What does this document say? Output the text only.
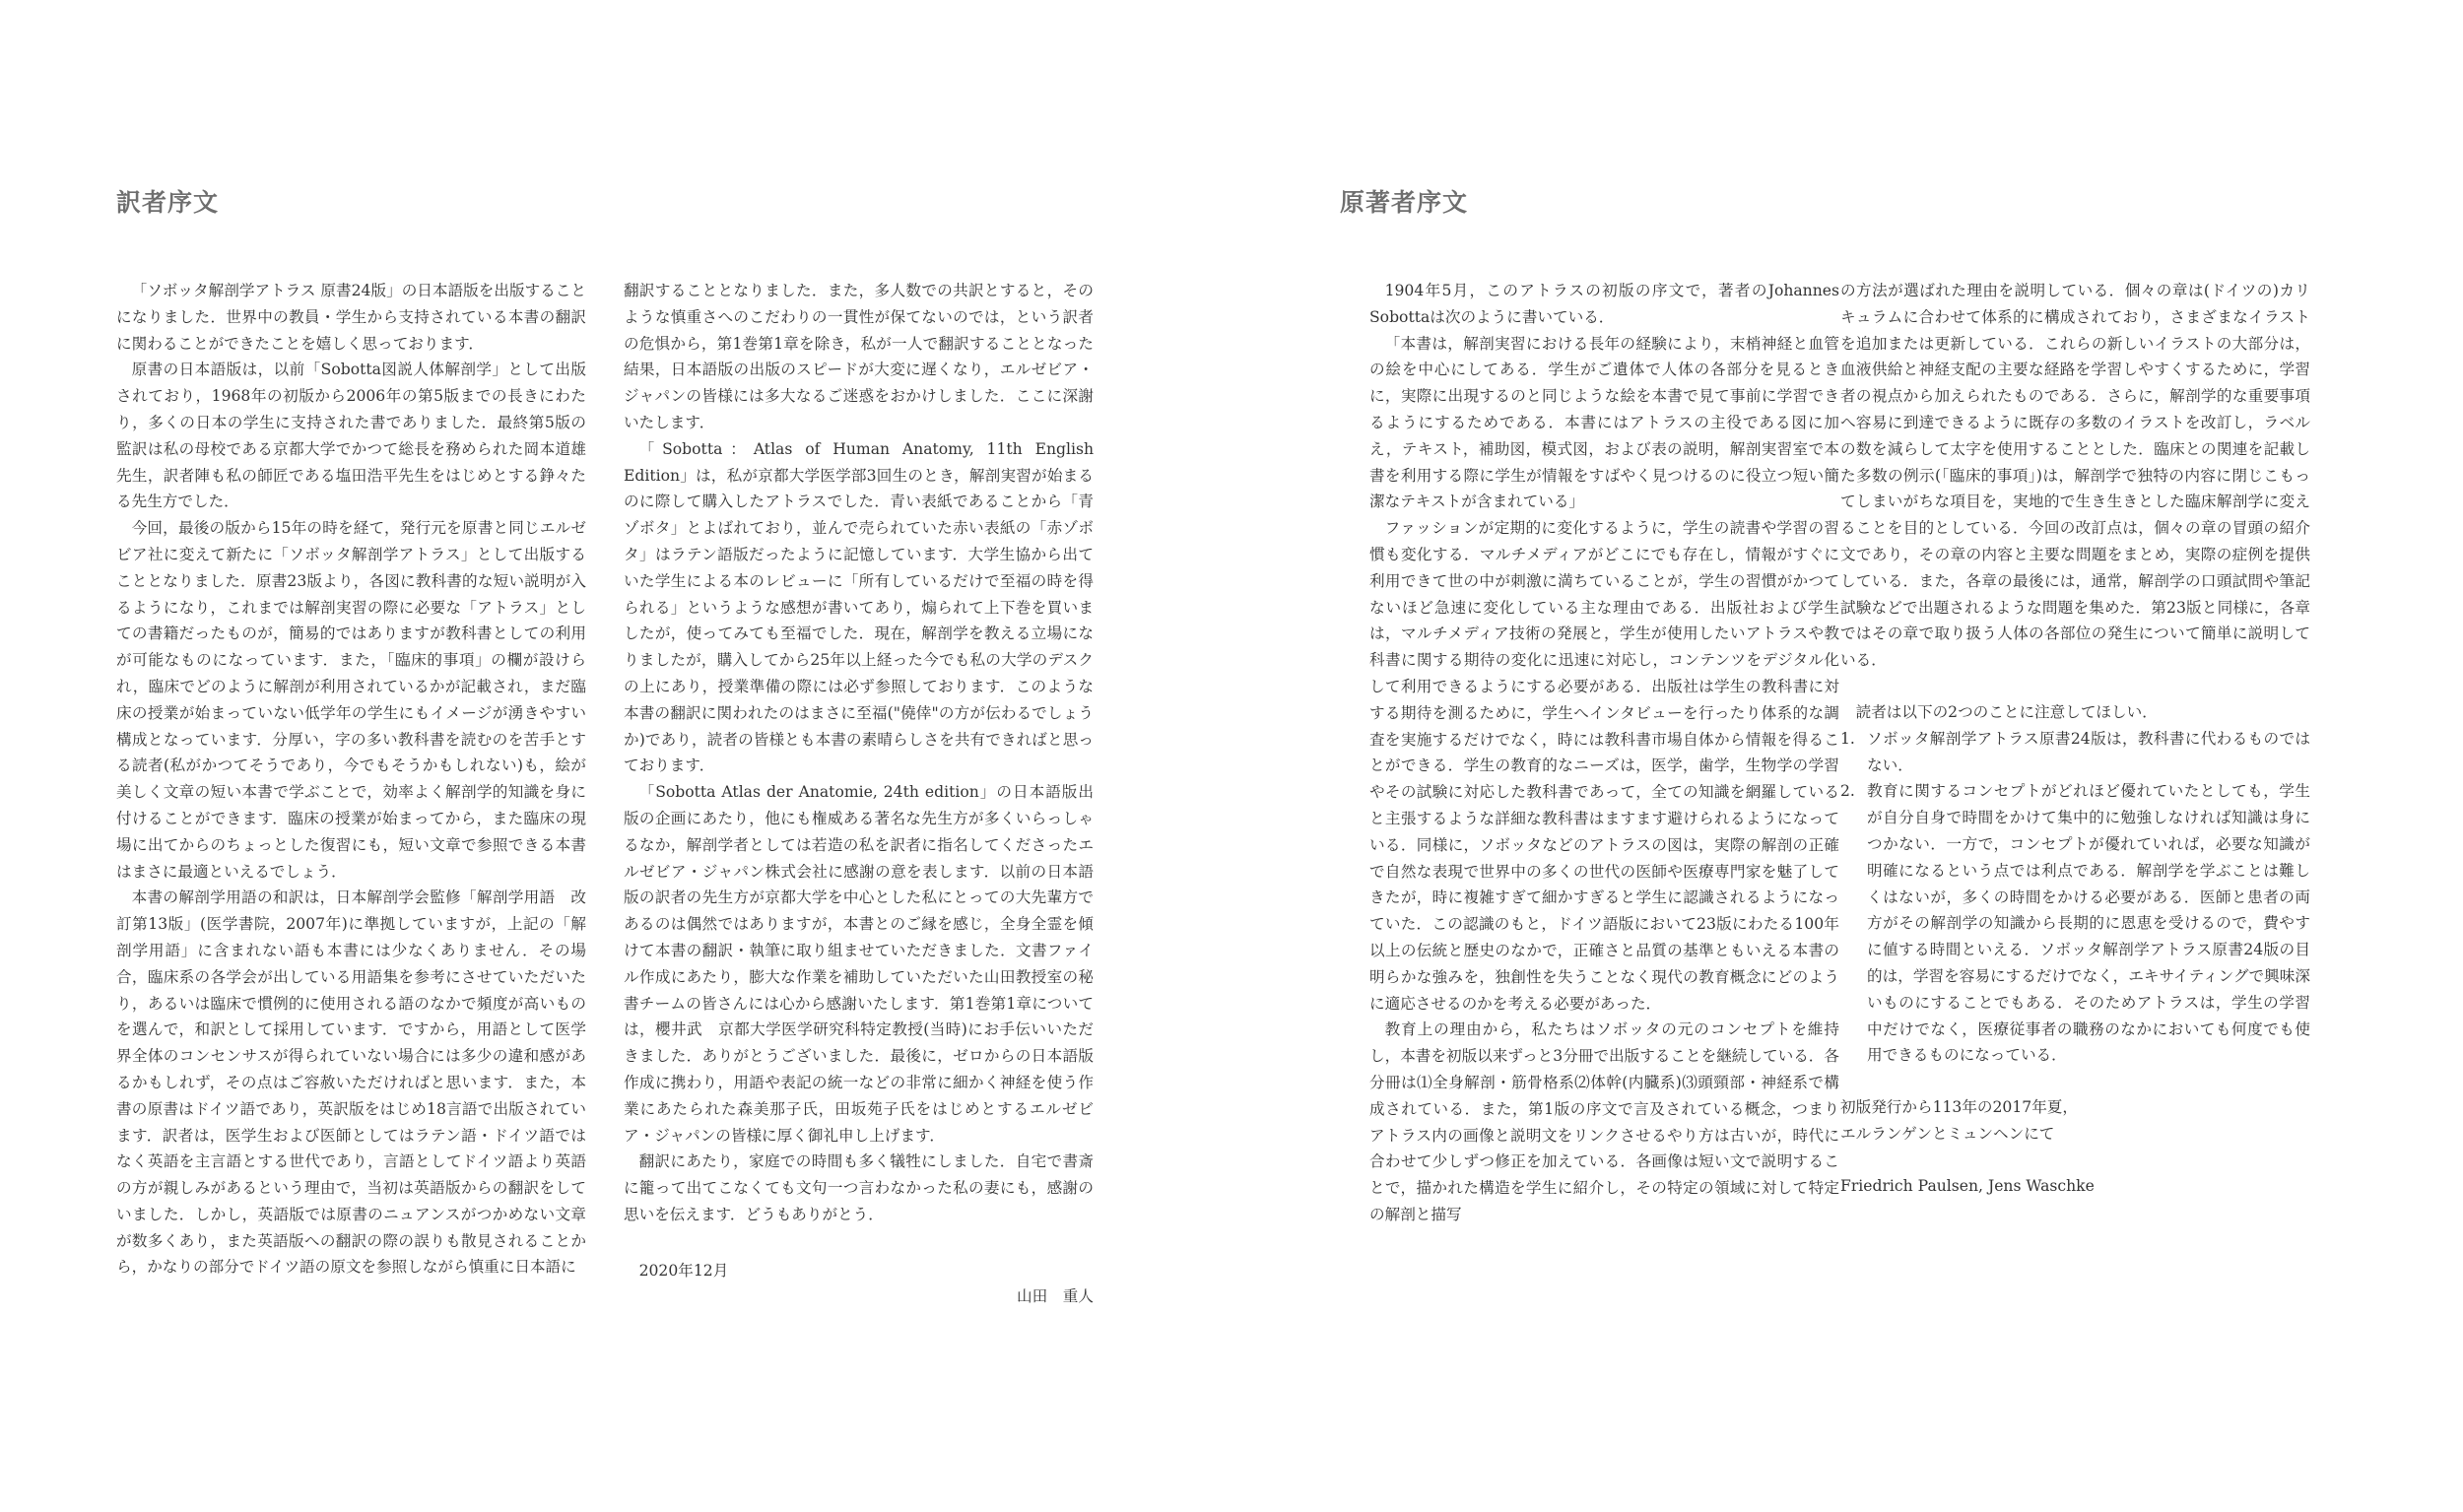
訳者序文

「ソボッタ解剖学アトラス 原書24版」の日本語版を出版することになりました．世界中の教員・学生から支持されている本書の翻訳に関わることができたことを嬉しく思っております．

原書の日本語版は，以前「Sobotta図説人体解剖学」として出版されており，1968年の初版から2006年の第5版までの長きにわたり，多くの日本の学生に支持された書でありました．最終第5版の監訳は私の母校である京都大学でかつて総長を務められた岡本道雄先生，訳者陣も私の師匠である塩田浩平先生をはじめとする錚々たる先生方でした．

今回，最後の版から15年の時を経て，発行元を原書と同じエルゼビア社に変えて新たに「ソボッタ解剖学アトラス」として出版することとなりました．原書23版より，各図に教科書的な短い説明が入るようになり，これまでは解剖実習の際に必要な「アトラス」としての書籍だったものが，簡易的ではありますが教科書としての利用が可能なものになっています．また，「臨床的事項」の欄が設けられ，臨床でどのように解剖が利用されているかが記載され，まだ臨床の授業が始まっていない低学年の学生にもイメージが湧きやすい構成となっています．分厚い，字の多い教科書を読むのを苦手とする読者(私がかつてそうであり，今でもそうかもしれない)も，絵が美しく文章の短い本書で学ぶことで，効率よく解剖学的知識を身に付けることができます．臨床の授業が始まってから，また臨床の現場に出てからのちょっとした復習にも，短い文章で参照できる本書はまさに最適といえるでしょう．

本書の解剖学用語の和訳は，日本解剖学会監修「解剖学用語　改訂第13版」(医学書院，2007年)に準拠していますが，上記の「解剖学用語」に含まれない語も本書には少なくありません．その場合，臨床系の各学会が出している用語集を参考にさせていただいたり，あるいは臨床で慣例的に使用される語のなかで頻度が高いものを選んで，和訳として採用しています．ですから，用語として医学界全体のコンセンサスが得られていない場合には多少の違和感があるかもしれず，その点はご容赦いただければと思います．また，本書の原書はドイツ語であり，英訳版をはじめ18言語で出版されています．訳者は，医学生および医師としてはラテン語・ドイツ語ではなく英語を主言語とする世代であり，言語としてドイツ語より英語の方が親しみがあるという理由で，当初は英語版からの翻訳をしていました．しかし，英語版では原書のニュアンスがつかめない文章が数多くあり，また英語版への翻訳の際の誤りも散見されることから，かなりの部分でドイツ語の原文を参照しながら慎重に日本語に

翻訳することとなりました．また，多人数での共訳とすると，そのような慎重さへのこだわりの一貫性が保てないのでは，という訳者の危惧から，第1巻第1章を除き，私が一人で翻訳することとなった結果，日本語版の出版のスピードが大変に遅くなり，エルゼビア・ジャパンの皆様には多大なるご迷惑をおかけしました．ここに深謝いたします．

「Sobotta：Atlas of Human Anatomy, 11th English Edition」は，私が京都大学医学部3回生のとき，解剖実習が始まるのに際して購入したアトラスでした．青い表紙であることから「青ゾボタ」とよばれており，並んで売られていた赤い表紙の「赤ゾボタ」はラテン語版だったように記憶しています．大学生協から出ていた学生による本のレビューに「所有しているだけで至福の時を得られる」というような感想が書いてあり，煽られて上下巻を買いましたが，使ってみても至福でした．現在，解剖学を教える立場になりましたが，購入してから25年以上経った今でも私の大学のデスクの上にあり，授業準備の際には必ず参照しております．このような本書の翻訳に関われたのはまさに至福("僥倖"の方が伝わるでしょうか)であり，読者の皆様とも本書の素晴らしさを共有できればと思っております．

「Sobotta Atlas der Anatomie, 24th edition」の日本語版出版の企画にあたり，他にも権威ある著名な先生方が多くいらっしゃるなか，解剖学者としては若造の私を訳者に指名してくださったエルゼビア・ジャパン株式会社に感謝の意を表します．以前の日本語版の訳者の先生方が京都大学を中心とした私にとっての大先輩方であるのは偶然ではありますが，本書とのご縁を感じ，全身全霊を傾けて本書の翻訳・執筆に取り組ませていただきました．文書ファイル作成にあたり，膨大な作業を補助していただいた山田教授室の秘書チームの皆さんには心から感謝いたします．第1巻第1章については，櫻井武　京都大学医学研究科特定教授(当時)にお手伝いいただきました．ありがとうございました．最後に，ゼロからの日本語版作成に携わり，用語や表記の統一などの非常に細かく神経を使う作業にあたられた森美那子氏，田坂苑子氏をはじめとするエルゼビア・ジャパンの皆様に厚く御礼申し上げます．

翻訳にあたり，家庭での時間も多く犠牲にしました．自宅で書斎に籠って出てこなくても文句一つ言わなかった私の妻にも，感謝の思いを伝えます．どうもありがとう．

2020年12月

山田　重人

原著者序文

1904年5月，このアトラスの初版の序文で，著者のJohannes Sobottaは次のように書いている．

「本書は，解剖実習における長年の経験により，末梢神経と血管の絵を中心にしてある．学生がご遺体で人体の各部分を見るときに，実際に出現するのと同じような絵を本書で見て事前に学習できるようにするためである．本書にはアトラスの主役である図に加え，テキスト，補助図，模式図，および表の説明，解剖実習室で本書を利用する際に学生が情報をすばやく見つけるのに役立つ短い簡潔なテキストが含まれている」

ファッションが定期的に変化するように，学生の読書や学習の習慣も変化する．マルチメディアがどこにでも存在し，情報がすぐに利用できて世の中が刺激に満ちていることが，学生の習慣がかつてないほど急速に変化している主な理由である．出版社および学生は，マルチメディア技術の発展と，学生が使用したいアトラスや教科書に関する期待の変化に迅速に対応し，コンテンツをデジタル化して利用できるようにする必要がある．出版社は学生の教科書に対する期待を測るために，学生へインタビューを行ったり体系的な調査を実施するだけでなく，時には教科書市場自体から情報を得ることができる．学生の教育的なニーズは，医学，歯学，生物学の学習やその試験に対応した教科書であって，全ての知識を網羅していると主張するような詳細な教科書はますます避けられるようになっている．同様に，ソボッタなどのアトラスの図は，実際の解剖の正確で自然な表現で世界中の多くの世代の医師や医療専門家を魅了してきたが，時に複雑すぎて細かすぎると学生に認識されるようになっていた．この認識のもと，ドイツ語版において23版にわたる100年以上の伝統と歴史のなかで，正確さと品質の基準ともいえる本書の明らかな強みを，独創性を失うことなく現代の教育概念にどのように適応させるのかを考える必要があった．

教育上の理由から，私たちはソボッタの元のコンセプトを維持し，本書を初版以来ずっと3分冊で出版することを継続している．各分冊は⑴全身解剖・筋骨格系⑵体幹(内臓系)⑶頭頸部・神経系で構成されている．また，第1版の序文で言及されている概念，つまりアトラス内の画像と説明文をリンクさせるやり方は古いが，時代に合わせて少しずつ修正を加えている．各画像は短い文で説明することで，描かれた構造を学生に紹介し，その特定の領域に対して特定の解剖と描写

の方法が選ばれた理由を説明している．個々の章は(ドイツの)カリキュラムに合わせて体系的に構成されており，さまざまなイラストを追加または更新している．これらの新しいイラストの大部分は，血液供給と神経支配の主要な経路を学習しやすくするために，学習者の視点から加えられたものである．さらに，解剖学的な重要事項へ容易に到達できるように既存の多数のイラストを改訂し，ラベルの数を減らして太字を使用することとした．臨床との関連を記載した多数の例示(「臨床的事項」)は，解剖学で独特の内容に閉じこもってしまいがちな項目を，実地的で生き生きとした臨床解剖学に変えることを目的としている．今回の改訂点は，個々の章の冒頭の紹介文であり，その章の内容と主要な問題をまとめ，実際の症例を提供している．また，各章の最後には，通常，解剖学の口頭試問や筆記試験などで出題されるような問題を集めた．第23版と同様に，各章ではその章で取り扱う人体の各部位の発生について簡単に説明している．

読者は以下の2つのことに注意してほしい．

1. ソボッタ解剖学アトラス原書24版は，教科書に代わるものではない．
2. 教育に関するコンセプトがどれほど優れていたとしても，学生が自分自身で時間をかけて集中的に勉強しなければ知識は身につかない．一方で，コンセプトが優れていれば，必要な知識が明確になるという点では利点である．解剖学を学ぶことは難しくはないが，多くの時間をかける必要がある．医師と患者の両方がその解剖学の知識から長期的に恩恵を受けるので，費やすに値する時間といえる．ソボッタ解剖学アトラス原書24版の目的は，学習を容易にするだけでなく，エキサイティングで興味深いものにすることでもある．そのためアトラスは，学生の学習中だけでなく，医療従事者の職務のなかにおいても何度でも使用できるものになっている．

初版発行から113年の2017年夏，

エルランゲンとミュンヘンにて

Friedrich Paulsen, Jens Waschke
